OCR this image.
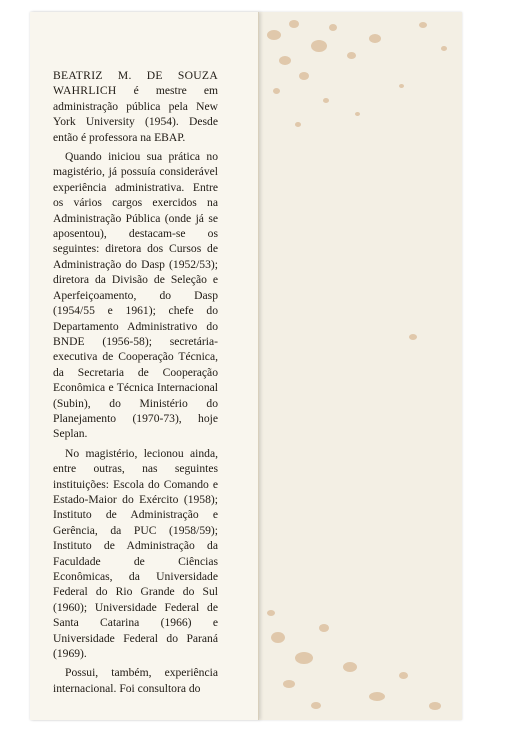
BEATRIZ M. DE SOUZA WAHRLICH é mestre em administração pública pela New York University (1954). Desde então é professora na EBAP.

Quando iniciou sua prática no magistério, já possuía considerável experiência administrativa. Entre os vários cargos exercidos na Administração Pública (onde já se aposentou), destacam-se os seguintes: diretora dos Cursos de Administração do Dasp (1952/53); diretora da Divisão de Seleção e Aperfeiçoamento, do Dasp (1954/55 e 1961); chefe do Departamento Administrativo do BNDE (1956-58); secretária-executiva de Cooperação Técnica, da Secretaria de Cooperação Econômica e Técnica Internacional (Subin), do Ministério do Planejamento (1970-73), hoje Seplan.

No magistério, lecionou ainda, entre outras, nas seguintes instituições: Escola do Comando e Estado-Maior do Exército (1958); Instituto de Administração e Gerência, da PUC (1958/59); Instituto de Administração da Faculdade de Ciências Econômicas, da Universidade Federal do Rio Grande do Sul (1960); Universidade Federal de Santa Catarina (1966) e Universidade Federal do Paraná (1969).

Possui, também, experiência internacional. Foi consultora do
